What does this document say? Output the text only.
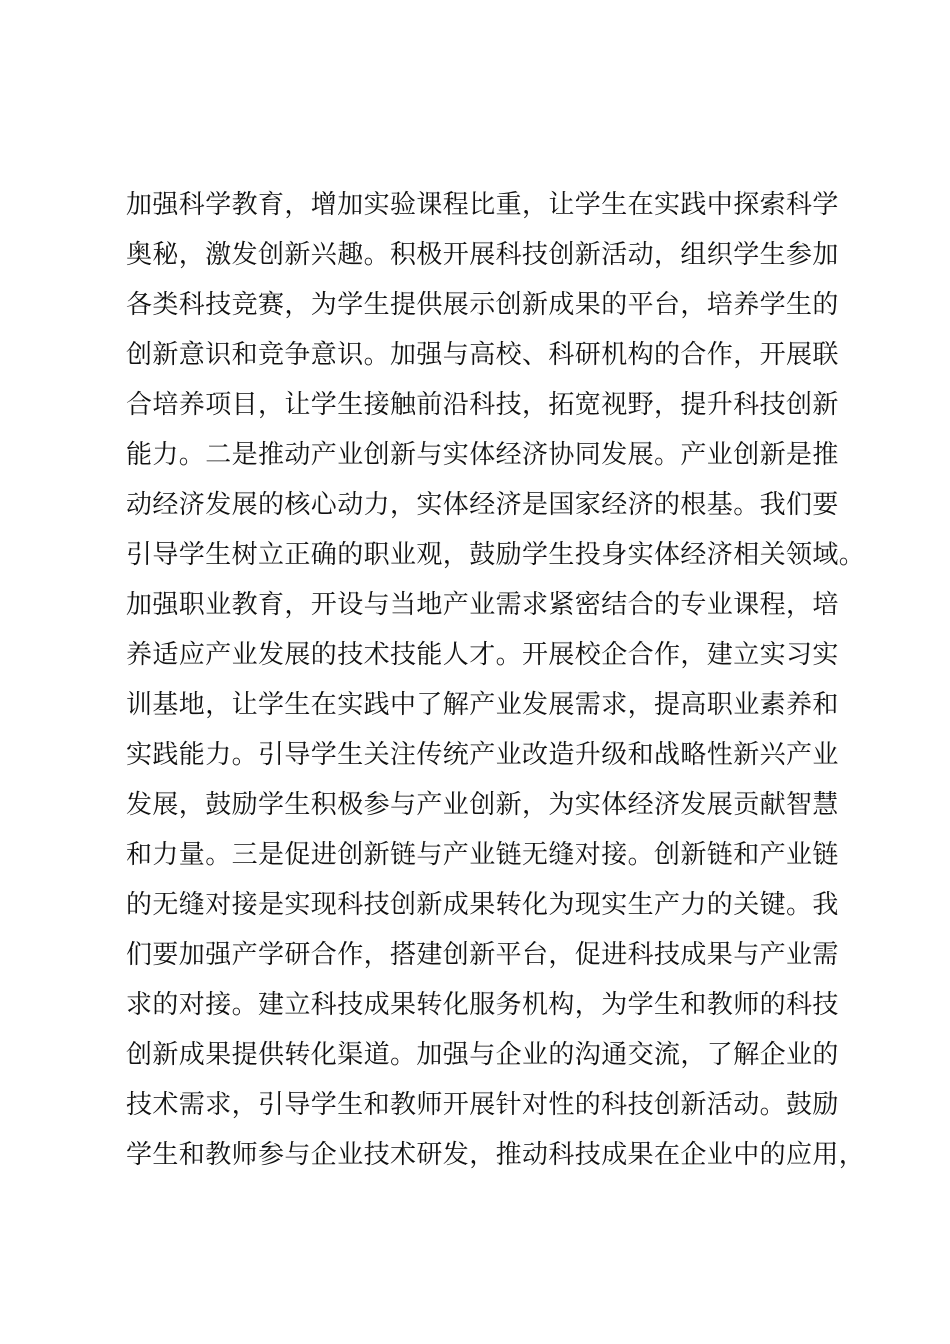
加强科学教育，增加实验课程比重，让学生在实践中探索科学
奥秘，激发创新兴趣。积极开展科技创新活动，组织学生参加
各类科技竞赛，为学生提供展示创新成果的平台，培养学生的
创新意识和竞争意识。加强与高校、科研机构的合作，开展联
合培养项目，让学生接触前沿科技，拓宽视野，提升科技创新
能力。二是推动产业创新与实体经济协同发展。产业创新是推
动经济发展的核心动力，实体经济是国家经济的根基。我们要
引导学生树立正确的职业观，鼓励学生投身实体经济相关领域。
加强职业教育，开设与当地产业需求紧密结合的专业课程，培
养适应产业发展的技术技能人才。开展校企合作，建立实习实
训基地，让学生在实践中了解产业发展需求，提高职业素养和
实践能力。引导学生关注传统产业改造升级和战略性新兴产业
发展，鼓励学生积极参与产业创新，为实体经济发展贡献智慧
和力量。三是促进创新链与产业链无缝对接。创新链和产业链
的无缝对接是实现科技创新成果转化为现实生产力的关键。我
们要加强产学研合作，搭建创新平台，促进科技成果与产业需
求的对接。建立科技成果转化服务机构，为学生和教师的科技
创新成果提供转化渠道。加强与企业的沟通交流，了解企业的
技术需求，引导学生和教师开展针对性的科技创新活动。鼓励
学生和教师参与企业技术研发，推动科技成果在企业中的应用，
